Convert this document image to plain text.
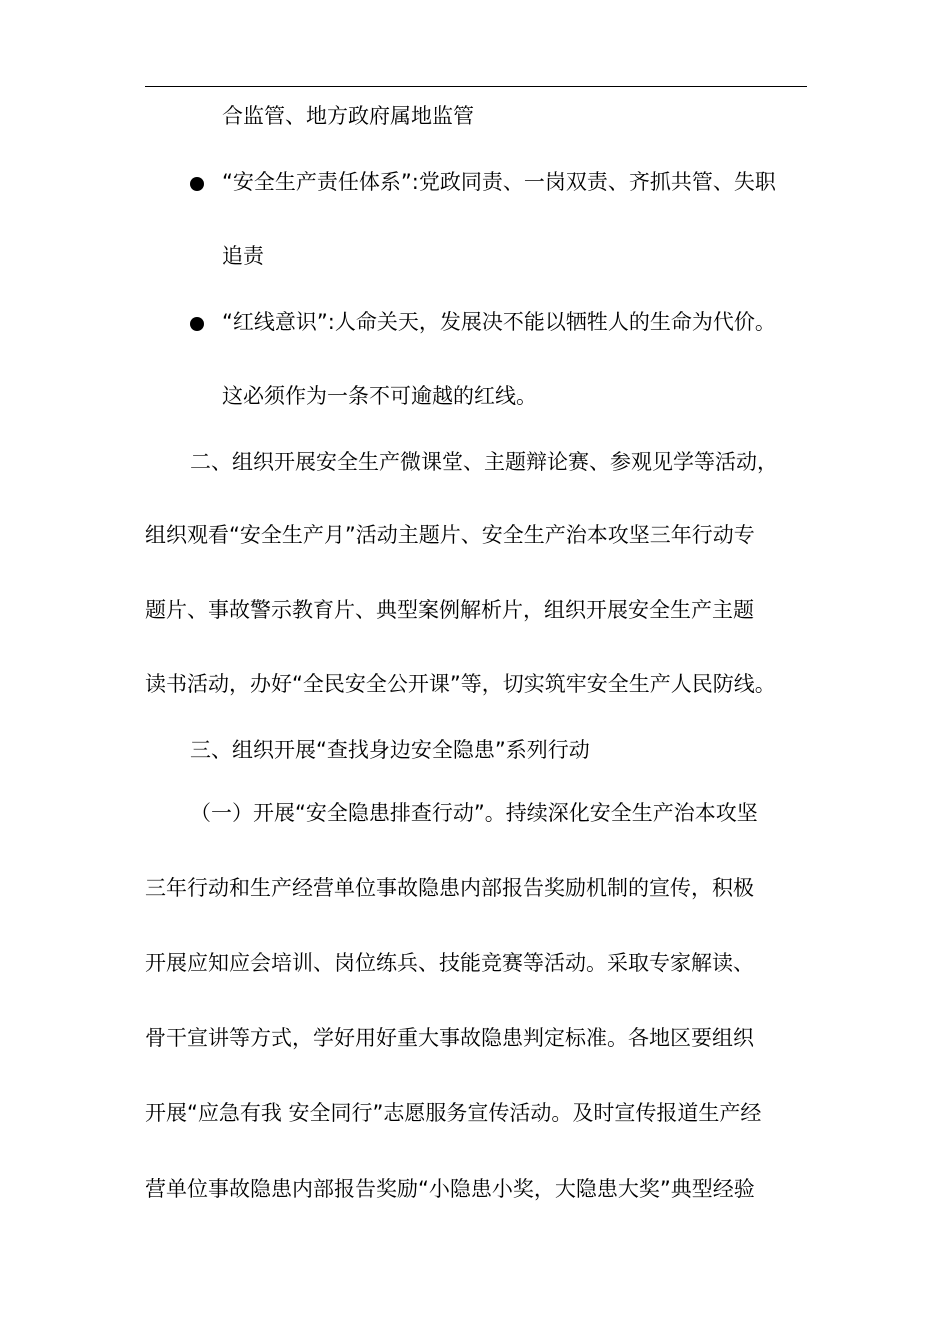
合监管、地方政府属地监管
“安全生产责任体系”:党政同责、一岗双责、齐抓共管、失职
追责
“红线意识”:人命关天，发展决不能以牺牲人的生命为代价。
这必须作为一条不可逾越的红线。
二、组织开展安全生产微课堂、主题辩论赛、参观见学等活动，
组织观看“安全生产月”活动主题片、安全生产治本攻坚三年行动专
题片、事故警示教育片、典型案例解析片，组织开展安全生产主题
读书活动，办好“全民安全公开课”等，切实筑牢安全生产人民防线。
三、组织开展“查找身边安全隐患”系列行动
（一）开展“安全隐患排查行动”。持续深化安全生产治本攻坚
三年行动和生产经营单位事故隐患内部报告奖励机制的宣传，积极
开展应知应会培训、岗位练兵、技能竞赛等活动。采取专家解读、
骨干宣讲等方式，学好用好重大事故隐患判定标准。各地区要组织
开展“应急有我 安全同行”志愿服务宣传活动。及时宣传报道生产经
营单位事故隐患内部报告奖励“小隐患小奖，大隐患大奖”典型经验
